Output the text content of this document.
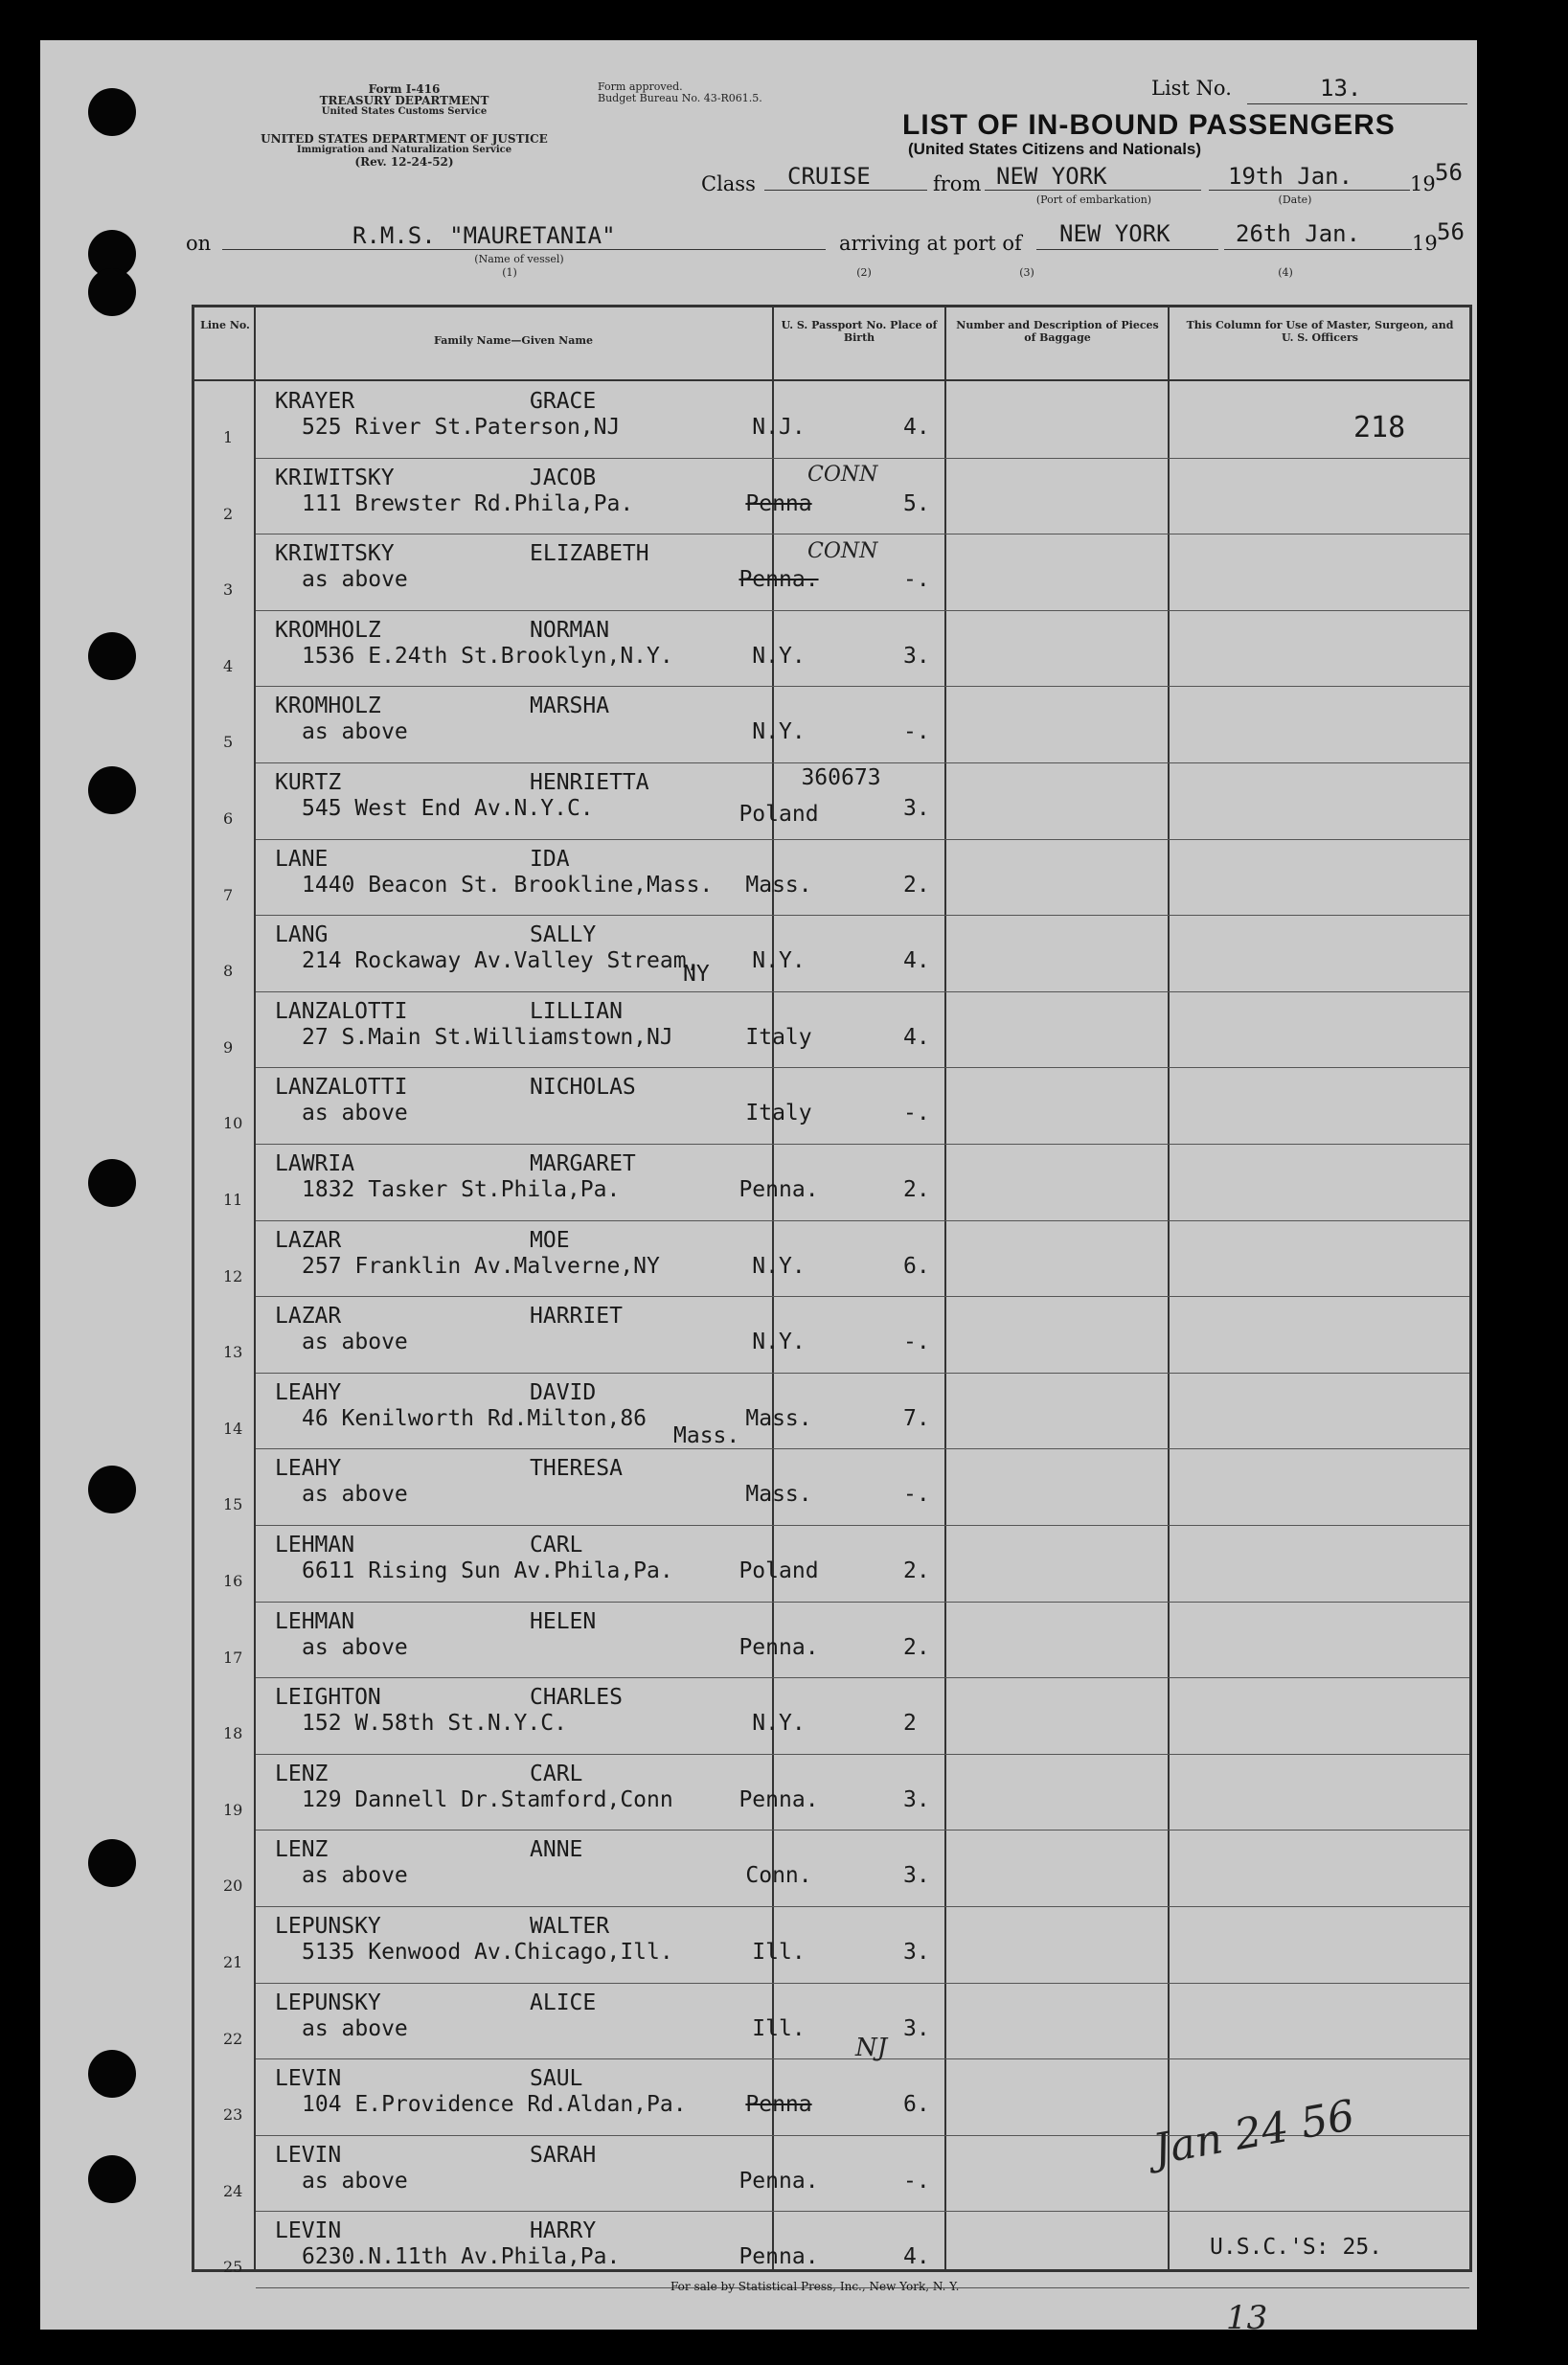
Form I-416
TREASURY DEPARTMENT
United States Customs Service
UNITED STATES DEPARTMENT OF JUSTICE
Immigration and Naturalization Service
(Rev. 12-24-52)
Form approved.
Budget Bureau No. 43-R061.5.	List No.	13.
LIST OF IN-BOUND PASSENGERS
(United States Citizens and Nationals)
Class CRUISE	from NEW YORK
(Port of embarkation)
19th Jan.
(Date)
19 56
on	R.M.S. "MAURETANIA"
(Name of vessel)
arriving at port of NEW YORK	26th Jan.	19 56
(1)	(2)	(3)	(4)
Line No.
Family Name—Given Name
U. S. Passport No. Place of Birth
Number and Description of Pieces of Baggage
This Column for Use of Master, Surgeon, and U. S. Officers
1
KRAYER	GRACE
525 River St.Paterson,NJ	N.J.	4.
2
KRIWITSKY	JACOB
111 Brewster Rd.Phila,Pa.	Penna	5.
3
KRIWITSKY	ELIZABETH
as above	Penna.	-.
4
KROMHOLZ	NORMAN
1536 E.24th St.Brooklyn,N.Y.	N.Y.	3.
5
KROMHOLZ	MARSHA
as above	N.Y.	-.
6
KURTZ	HENRIETTA
545 West End Av.N.Y.C.	Poland	3.
7
LANE	IDA
1440 Beacon St. Brookline,Mass.	Mass.	2.
8
LANG	SALLY
214 Rockaway Av.Valley Stream,	N.Y.	4.
9
LANZALOTTI	LILLIAN
27 S.Main St.Williamstown,NJ	Italy	4.
10
LANZALOTTI	NICHOLAS
as above	Italy	-.
11
LAWRIA	MARGARET
1832 Tasker St.Phila,Pa.	Penna.	2.
12
LAZAR	MOE
257 Franklin Av.Malverne,NY	N.Y.	6.
13
LAZAR	HARRIET
as above	N.Y.	-.
14
LEAHY	DAVID
46 Kenilworth Rd.Milton,86	Mass.	7.
15
LEAHY	THERESA
as above	Mass.	-.
16
LEHMAN	CARL
6611 Rising Sun Av.Phila,Pa.	Poland	2.
17
LEHMAN	HELEN
as above	Penna.	2.
18
LEIGHTON	CHARLES
152 W.58th St.N.Y.C.	N.Y.	2
19
LENZ	CARL
129 Dannell Dr.Stamford,Conn	Penna.	3.
20
LENZ	ANNE
as above	Conn.	3.
21
LEPUNSKY	WALTER
5135 Kenwood Av.Chicago,Ill.	Ill.	3.
22
LEPUNSKY	ALICE
as above	Ill.	3.
23
LEVIN	SAUL
104 E.Providence Rd.Aldan,Pa.	Penna	6.
24
LEVIN	SARAH
as above	Penna.	-.
25
LEVIN	HARRY
6230.N.11th Av.Phila,Pa.	Penna.	4.
218
CONN
CONN
360673
NY
Mass.
NJ
U.S.C.'S: 25.
Jan 24 56
For sale by Statistical Press, Inc., New York, N. Y.
13
